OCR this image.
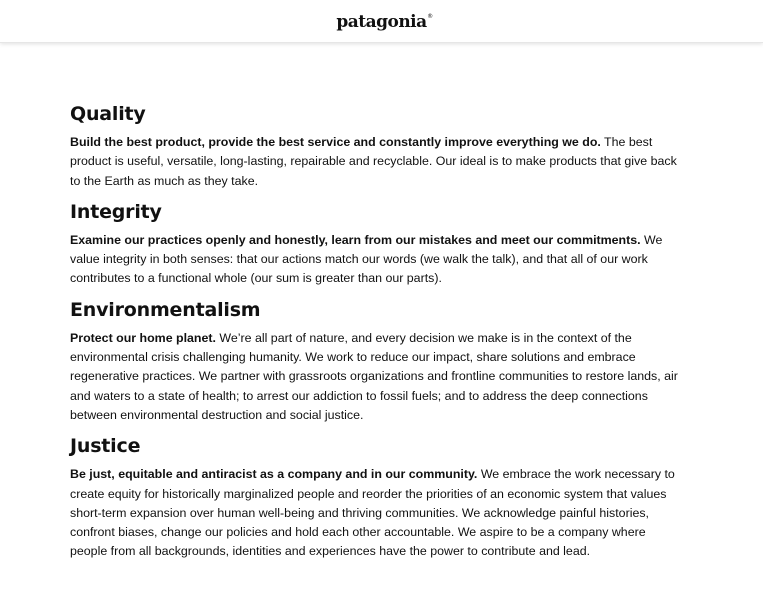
patagonia ®
Quality

Build the best product, provide the best service and constantly improve everything we do. The best product is useful, versatile, long-lasting, repairable and recyclable. Our ideal is to make products that give back to the Earth as much as they take.

Integrity

Examine our practices openly and honestly, learn from our mistakes and meet our commitments. We value integrity in both senses: that our actions match our words (we walk the talk), and that all of our work contributes to a functional whole (our sum is greater than our parts).

Environmentalism

Protect our home planet. We’re all part of nature, and every decision we make is in the context of the environmental crisis challenging humanity. We work to reduce our impact, share solutions and embrace regenerative practices. We partner with grassroots organizations and frontline communities to restore lands, air and waters to a state of health; to arrest our addiction to fossil fuels; and to address the deep connections between environmental destruction and social justice.

Justice

Be just, equitable and antiracist as a company and in our community. We embrace the work necessary to create equity for historically marginalized people and reorder the priorities of an economic system that values short-term expansion over human well-being and thriving communities. We acknowledge painful histories, confront biases, change our policies and hold each other accountable. We aspire to be a company where people from all backgrounds, identities and experiences have the power to contribute and lead.
